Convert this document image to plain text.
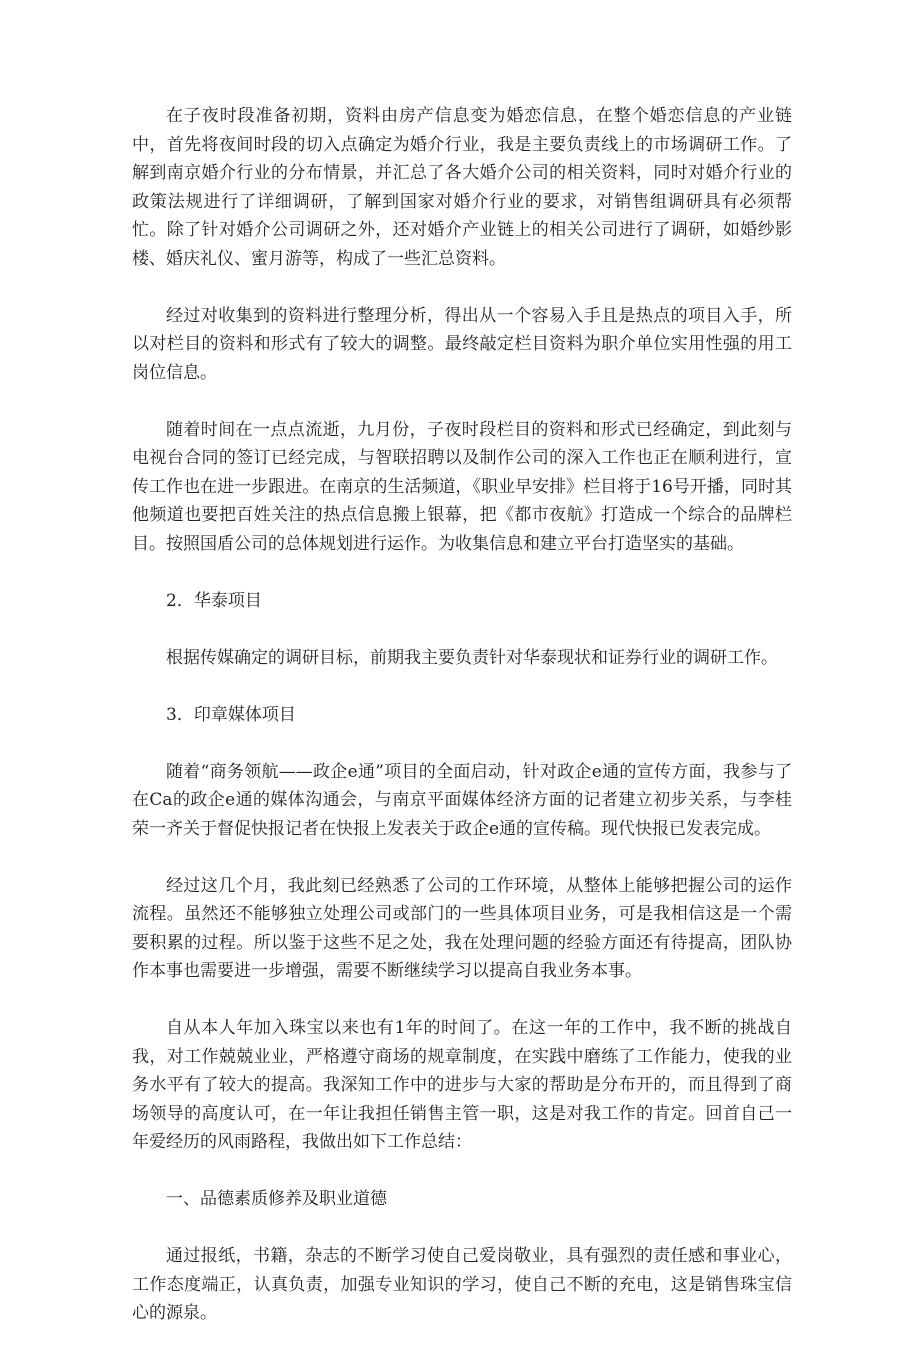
在子夜时段准备初期，资料由房产信息变为婚恋信息，在整个婚恋信息的产业链中，首先将夜间时段的切入点确定为婚介行业，我是主要负责线上的市场调研工作。了解到南京婚介行业的分布情景，并汇总了各大婚介公司的相关资料，同时对婚介行业的政策法规进行了详细调研，了解到国家对婚介行业的要求，对销售组调研具有必须帮忙。除了针对婚介公司调研之外，还对婚介产业链上的相关公司进行了调研，如婚纱影楼、婚庆礼仪、蜜月游等，构成了一些汇总资料。

经过对收集到的资料进行整理分析，得出从一个容易入手且是热点的项目入手，所以对栏目的资料和形式有了较大的调整。最终敲定栏目资料为职介单位实用性强的用工岗位信息。

随着时间在一点点流逝，九月份，子夜时段栏目的资料和形式已经确定，到此刻与电视台合同的签订已经完成，与智联招聘以及制作公司的深入工作也正在顺利进行，宣传工作也在进一步跟进。在南京的生活频道，《职业早安排》栏目将于16号开播，同时其他频道也要把百姓关注的热点信息搬上银幕，把《都市夜航》打造成一个综合的品牌栏目。按照国盾公司的总体规划进行运作。为收集信息和建立平台打造坚实的基础。

2．华泰项目

根据传媒确定的调研目标，前期我主要负责针对华泰现状和证券行业的调研工作。

3．印章媒体项目

随着“商务领航——政企e通”项目的全面启动，针对政企e通的宣传方面，我参与了在Ca的政企e通的媒体沟通会，与南京平面媒体经济方面的记者建立初步关系，与李桂荣一齐关于督促快报记者在快报上发表关于政企e通的宣传稿。现代快报已发表完成。

经过这几个月，我此刻已经熟悉了公司的工作环境，从整体上能够把握公司的运作流程。虽然还不能够独立处理公司或部门的一些具体项目业务，可是我相信这是一个需要积累的过程。所以鉴于这些不足之处，我在处理问题的经验方面还有待提高，团队协作本事也需要进一步增强，需要不断继续学习以提高自我业务本事。

自从本人年加入珠宝以来也有1年的时间了。在这一年的工作中，我不断的挑战自我，对工作兢兢业业，严格遵守商场的规章制度，在实践中磨练了工作能力，使我的业务水平有了较大的提高。我深知工作中的进步与大家的帮助是分布开的，而且得到了商场领导的高度认可，在一年让我担任销售主管一职，这是对我工作的肯定。回首自己一年爱经历的风雨路程，我做出如下工作总结：

一、品德素质修养及职业道德

通过报纸，书籍，杂志的不断学习使自己爱岗敬业，具有强烈的责任感和事业心，工作态度端正，认真负责，加强专业知识的学习，使自己不断的充电，这是销售珠宝信心的源泉。
